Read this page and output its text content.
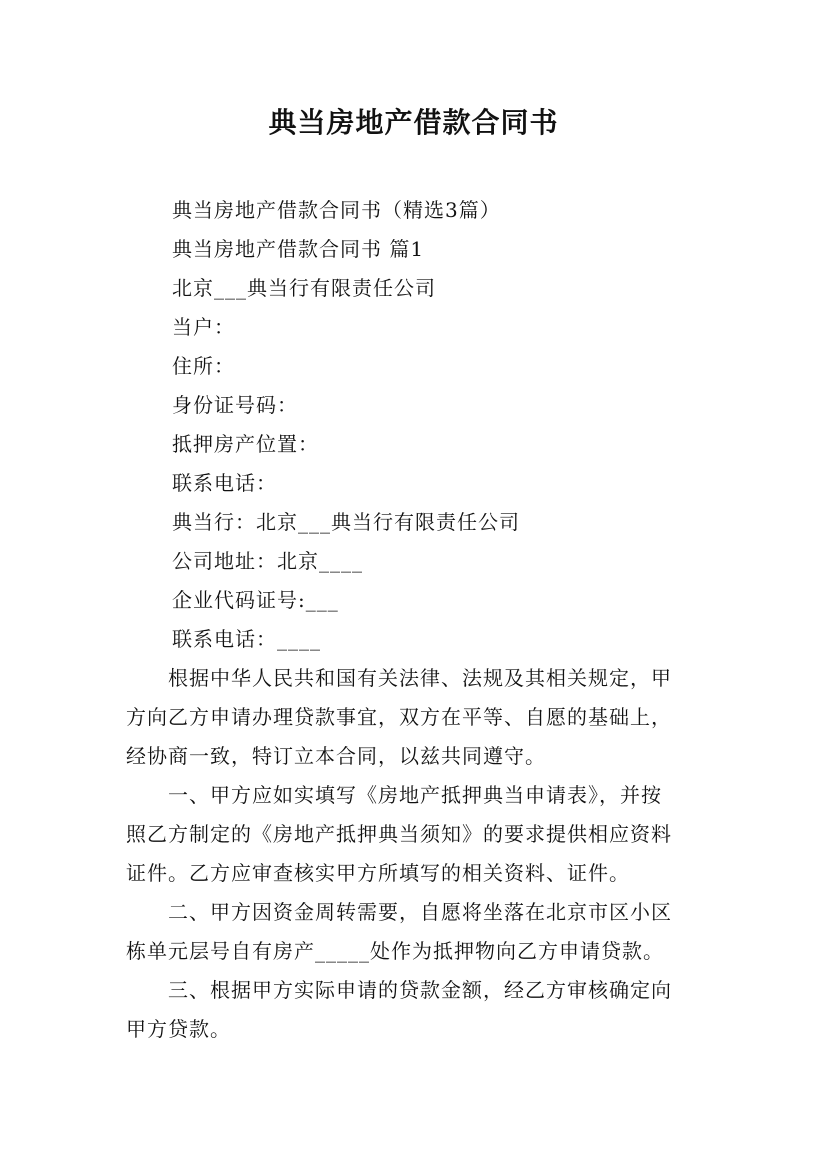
典当房地产借款合同书
典当房地产借款合同书（精选3篇）
典当房地产借款合同书 篇1
北京___典当行有限责任公司
当户：
住所：
身份证号码：
抵押房产位置：
联系电话：
典当行：北京___典当行有限责任公司
公司地址：北京____
企业代码证号:___
联系电话：____
　　根据中华人民共和国有关法律、法规及其相关规定，甲
方向乙方申请办理贷款事宜，双方在平等、自愿的基础上，
经协商一致，特订立本合同，以兹共同遵守。
　　一、甲方应如实填写《房地产抵押典当申请表》，并按
照乙方制定的《房地产抵押典当须知》的要求提供相应资料
证件。乙方应审查核实甲方所填写的相关资料、证件。
　　二、甲方因资金周转需要，自愿将坐落在北京市区小区
栋单元层号自有房产_____处作为抵押物向乙方申请贷款。
　　三、根据甲方实际申请的贷款金额，经乙方审核确定向
甲方贷款。
